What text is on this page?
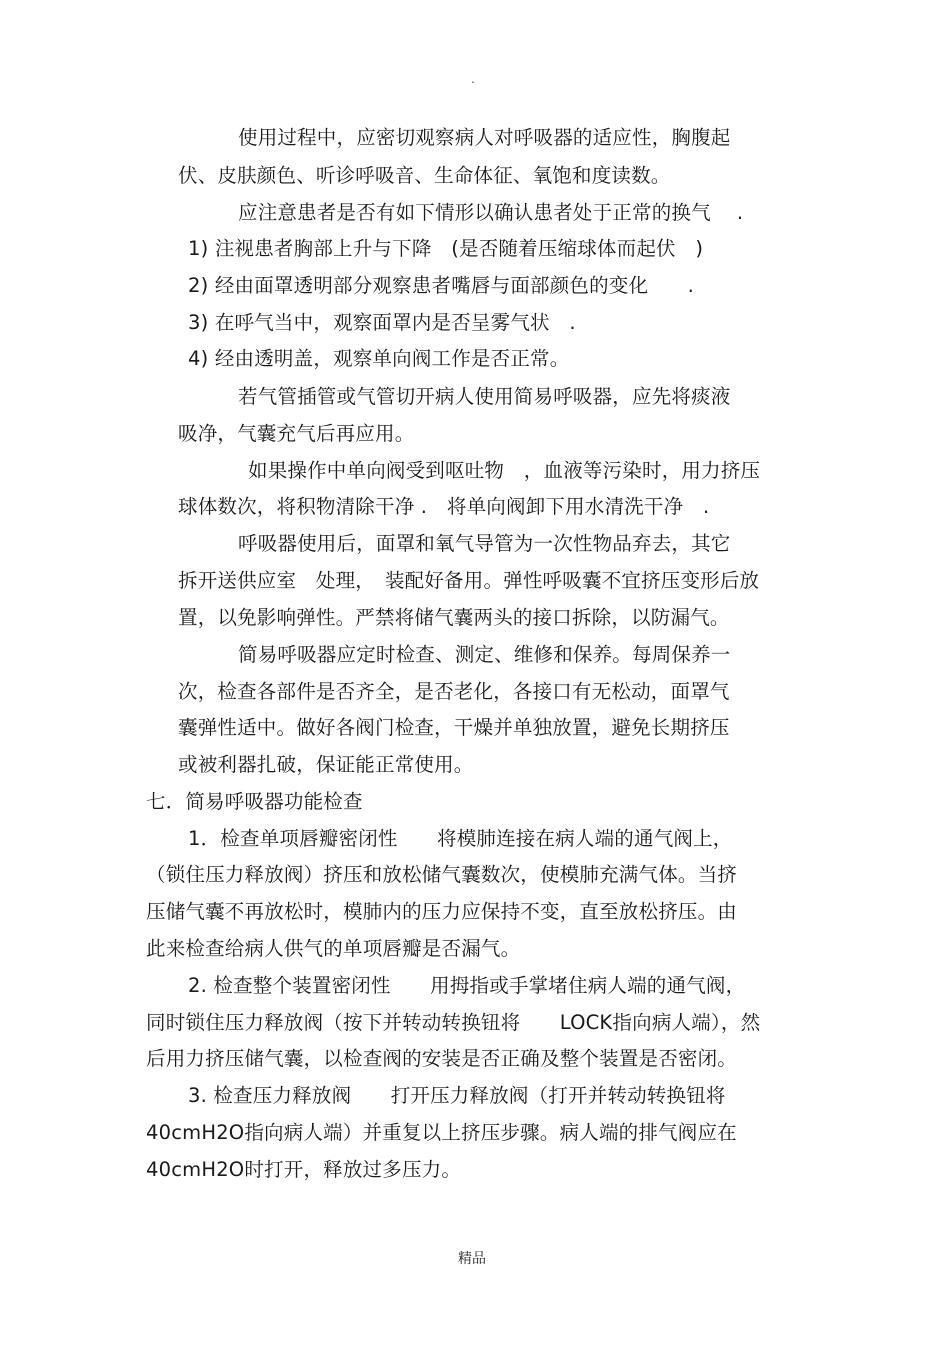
.
使用过程中，应密切观察病人对呼吸器的适应性，胸腹起
伏、皮肤颜色、听诊呼吸音、生命体征、氧饱和度读数。
应注意患者是否有如下情形以确认患者处于正常的换气　 .
1) 注视患者胸部上升与下降　(是否随着压缩球体而起伏　)
2) 经由面罩透明部分观察患者嘴唇与面部颜色的变化　　.
3) 在呼气当中，观察面罩内是否呈雾气状　.
4) 经由透明盖，观察单向阀工作是否正常。
若气管插管或气管切开病人使用简易呼吸器，应先将痰液
吸净，气囊充气后再应用。
如果操作中单向阀受到呕吐物　，血液等污染时，用力挤压
球体数次，将积物清除干净 .　将单向阀卸下用水清洗干净　.
呼吸器使用后，面罩和氧气导管为一次性物品弃去，其它
拆开送供应室　处理，　装配好备用。弹性呼吸囊不宜挤压变形后放
置，以免影响弹性。严禁将储气囊两头的接口拆除，以防漏气。
简易呼吸器应定时检查、测定、维修和保养。每周保养一
次，检查各部件是否齐全，是否老化，各接口有无松动，面罩气
囊弹性适中。做好各阀门检查，干燥并单独放置，避免长期挤压
或被利器扎破，保证能正常使用。
七．简易呼吸器功能检查
1．检查单项唇瓣密闭性　　将模肺连接在病人端的通气阀上，
（锁住压力释放阀）挤压和放松储气囊数次，使模肺充满气体。当挤
压储气囊不再放松时，模肺内的压力应保持不变，直至放松挤压。由
此来检查给病人供气的单项唇瓣是否漏气。
2. 检查整个装置密闭性　　用拇指或手掌堵住病人端的通气阀，
同时锁住压力释放阀（按下并转动转换钮将　　LOCK指向病人端），然
后用力挤压储气囊，以检查阀的安装是否正确及整个装置是否密闭。
3. 检查压力释放阀　　打开压力释放阀（打开并转动转换钮将
40cmH2O指向病人端）并重复以上挤压步骤。病人端的排气阀应在
40cmH2O时打开，释放过多压力。
精品
